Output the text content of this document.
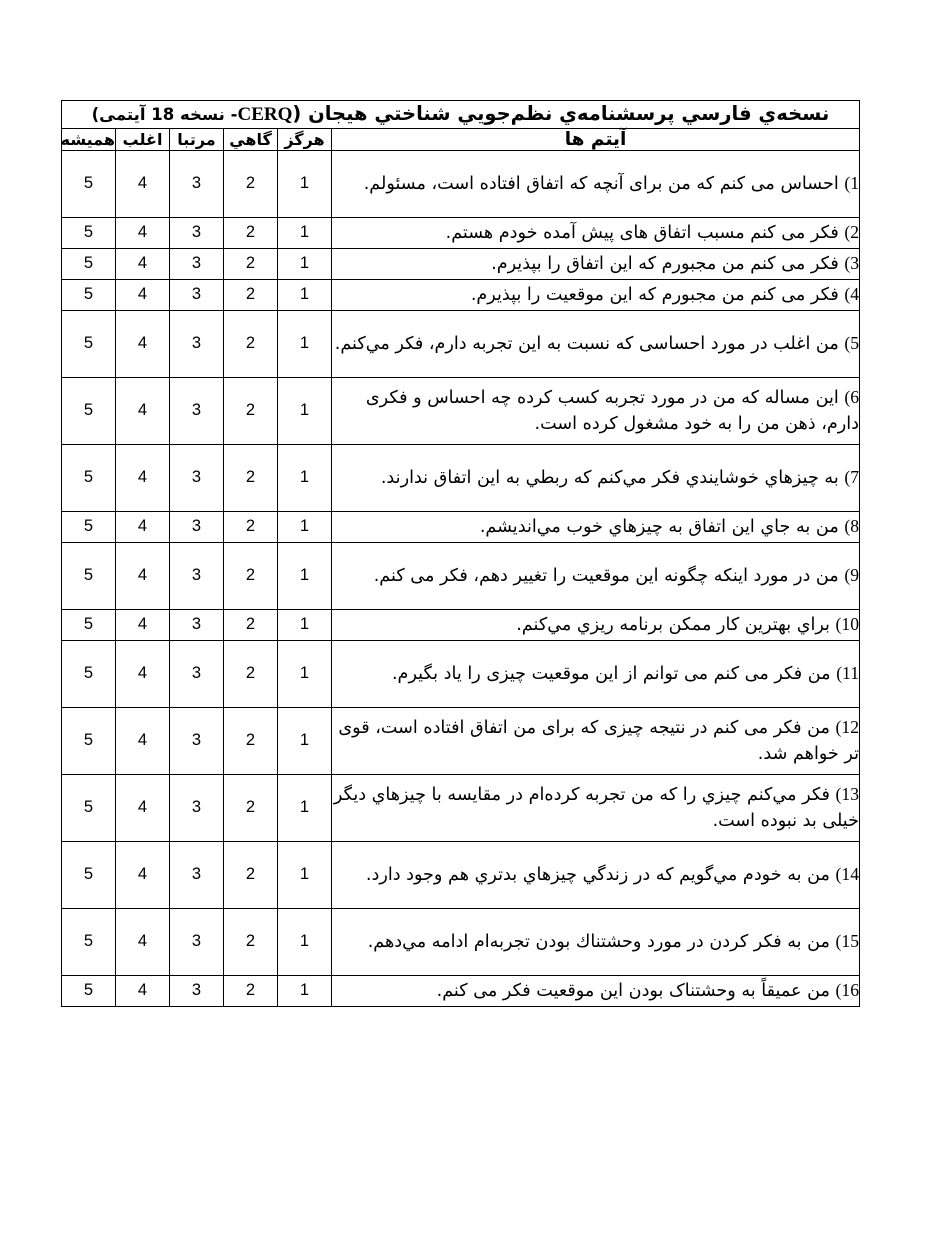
نسخه‌ي فارسي پرسشنامه‌ي نظم‌جويي شناختي هيجان (CERQ- نسخه 18 آيتمى)					
آيتم ها	هرگز	گاهي	مرتبا	اغلب	هميشه
1) احساس می کنم که من برای آنچه که اتفاق افتاده است، مسئولم.	1	2	3	4	5
2) فکر می کنم مسبب اتفاق های پیش آمده خودم هستم.	1	2	3	4	5
3) فکر می کنم من مجبورم که این اتفاق را بپذیرم.	1	2	3	4	5
4) فکر می کنم من مجبورم که این موقعیت را بپذیرم.	1	2	3	4	5
5) من اغلب در مورد احساسی که نسبت به این تجربه دارم، فکر مي‌كنم.	1	2	3	4	5
6) این مساله که من در مورد تجربه کسب کرده چه احساس و فکری دارم، ذهن من را به خود مشغول کرده است.	1	2	3	4	5
7) به چیزهاي خوشایندي فکر مي‌كنم که ربطي به این اتفاق ندارند.	1	2	3	4	5
8) من به جاي این اتفاق به چیزهاي خوب مي‌انديشم.	1	2	3	4	5
9) من در مورد اینکه چگونه این موقعیت را تغییر دهم، فکر می کنم.	1	2	3	4	5
10) براي بهترین کار ممکن برنامه ریزي مي‌كنم.	1	2	3	4	5
11) من فکر می کنم می توانم از این موقعیت چیزی را یاد بگیرم.	1	2	3	4	5
12) من فکر می کنم در نتیجه چیزی که برای من اتفاق افتاده است، قوی تر خواهم شد.	1	2	3	4	5
13) فکر مي‌كنم چیزي را که من تجربه کرده‌ام در مقایسه با چیزهاي دیگر خیلی بد نبوده است.	1	2	3	4	5
14) من به خودم مي‌گويم که در زندگي چیزهاي بدتري هم وجود دارد.	1	2	3	4	5
15) من به فکر کردن در مورد وحشتناك بودن تجربه‌ام ادامه مي‌دهم.	1	2	3	4	5
16) من عمیقاً به وحشتناک بودن این موقعیت فکر می کنم.	1	2	3	4	5
